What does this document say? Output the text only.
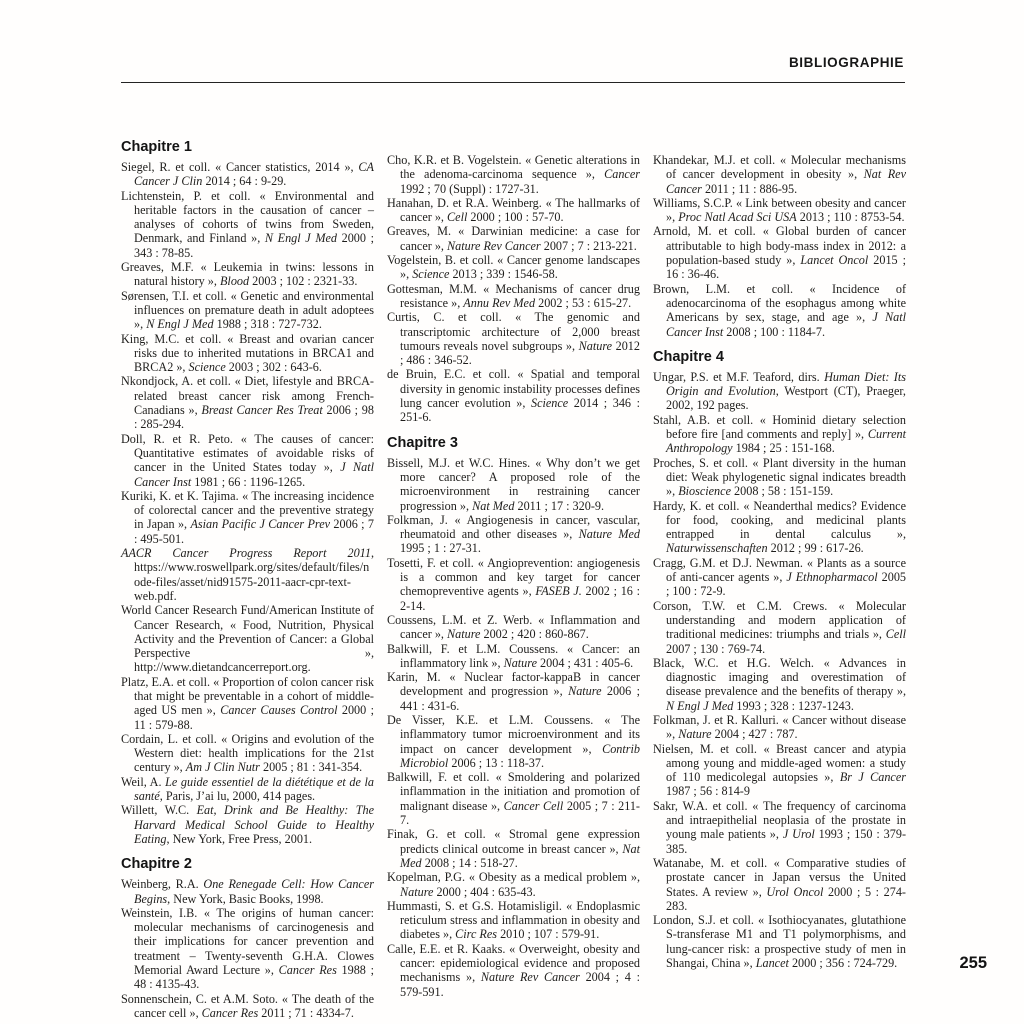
BIBLIOGRAPHIE
Chapitre 1

Siegel, R. et coll. « Cancer statistics, 2014 », CA Cancer J Clin 2014 ; 64 : 9-29.

Lichtenstein, P. et coll. « Environmental and heritable factors in the causation of cancer – analyses of cohorts of twins from Sweden, Denmark, and Finland », N Engl J Med 2000 ; 343 : 78-85.

Greaves, M.F. « Leukemia in twins: lessons in natural history », Blood 2003 ; 102 : 2321-33.

Sørensen, T.I. et coll. « Genetic and environmental influences on premature death in adult adoptees », N Engl J Med 1988 ; 318 : 727-732.

King, M.C. et coll. « Breast and ovarian cancer risks due to inherited mutations in BRCA1 and BRCA2 », Science 2003 ; 302 : 643-6.

Nkondjock, A. et coll. « Diet, lifestyle and BRCA-related breast cancer risk among French-Canadians », Breast Cancer Res Treat 2006 ; 98 : 285-294.

Doll, R. et R. Peto. « The causes of cancer: Quantitative estimates of avoidable risks of cancer in the United States today », J Natl Cancer Inst 1981 ; 66 : 1196-1265.

Kuriki, K. et K. Tajima. « The increasing incidence of colorectal cancer and the preventive strategy in Japan », Asian Pacific J Cancer Prev 2006 ; 7 : 495-501.

AACR Cancer Progress Report 2011, https://www.roswellpark.org/sites/default/files/node-files/asset/nid91575-2011-aacr-cpr-text-web.pdf.

World Cancer Research Fund/American Institute of Cancer Research, « Food, Nutrition, Physical Activity and the Prevention of Cancer: a Global Perspective », http://www.dietandcancerreport.org.

Platz, E.A. et coll. « Proportion of colon cancer risk that might be preventable in a cohort of middle-aged US men », Cancer Causes Control 2000 ; 11 : 579-88.

Cordain, L. et coll. « Origins and evolution of the Western diet: health implications for the 21st century », Am J Clin Nutr 2005 ; 81 : 341-354.

Weil, A. Le guide essentiel de la diététique et de la santé, Paris, J’ai lu, 2000, 414 pages.

Willett, W.C. Eat, Drink and Be Healthy: The Harvard Medical School Guide to Healthy Eating, New York, Free Press, 2001.

Chapitre 2

Weinberg, R.A. One Renegade Cell: How Cancer Begins, New York, Basic Books, 1998.

Weinstein, I.B. « The origins of human cancer: molecular mechanisms of carcinogenesis and their implications for cancer prevention and treatment – Twenty-seventh G.H.A. Clowes Memorial Award Lecture », Cancer Res 1988 ; 48 : 4135-43.

Sonnenschein, C. et A.M. Soto. « The death of the cancer cell », Cancer Res 2011 ; 71 : 4334-7.

Cho, K.R. et B. Vogelstein. « Genetic alterations in the adenoma-carcinoma sequence », Cancer 1992 ; 70 (Suppl) : 1727-31.

Hanahan, D. et R.A. Weinberg. « The hallmarks of cancer », Cell 2000 ; 100 : 57-70.

Greaves, M. « Darwinian medicine: a case for cancer », Nature Rev Cancer 2007 ; 7 : 213-221.

Vogelstein, B. et coll. « Cancer genome landscapes », Science 2013 ; 339 : 1546-58.

Gottesman, M.M. « Mechanisms of cancer drug resistance », Annu Rev Med 2002 ; 53 : 615-27.

Curtis, C. et coll. « The genomic and transcriptomic architecture of 2,000 breast tumours reveals novel subgroups », Nature 2012 ; 486 : 346-52.

de Bruin, E.C. et coll. « Spatial and temporal diversity in genomic instability processes defines lung cancer evolution », Science 2014 ; 346 : 251-6.

Chapitre 3

Bissell, M.J. et W.C. Hines. « Why don’t we get more cancer? A proposed role of the microenvironment in restraining cancer progression », Nat Med 2011 ; 17 : 320-9.

Folkman, J. « Angiogenesis in cancer, vascular, rheumatoid and other diseases », Nature Med 1995 ; 1 : 27-31.

Tosetti, F. et coll. « Angioprevention: angiogenesis is a common and key target for cancer chemopreventive agents », FASEB J. 2002 ; 16 : 2-14.

Coussens, L.M. et Z. Werb. « Inflammation and cancer », Nature 2002 ; 420 : 860-867.

Balkwill, F. et L.M. Coussens. « Cancer: an inflammatory link », Nature 2004 ; 431 : 405-6.

Karin, M. « Nuclear factor-kappaB in cancer development and progression », Nature 2006 ; 441 : 431-6.

De Visser, K.E. et L.M. Coussens. « The inflammatory tumor microenvironment and its impact on cancer development », Contrib Microbiol 2006 ; 13 : 118-37.

Balkwill, F. et coll. « Smoldering and polarized inflammation in the initiation and promotion of malignant disease », Cancer Cell 2005 ; 7 : 211-7.

Finak, G. et coll. « Stromal gene expression predicts clinical outcome in breast cancer », Nat Med 2008 ; 14 : 518-27.

Kopelman, P.G. « Obesity as a medical problem », Nature 2000 ; 404 : 635-43.

Hummasti, S. et G.S. Hotamisligil. « Endoplasmic reticulum stress and inflammation in obesity and diabetes », Circ Res 2010 ; 107 : 579-91.

Calle, E.E. et R. Kaaks. « Overweight, obesity and cancer: epidemiological evidence and proposed mechanisms », Nature Rev Cancer 2004 ; 4 : 579-591.

Khandekar, M.J. et coll. « Molecular mechanisms of cancer development in obesity », Nat Rev Cancer 2011 ; 11 : 886-95.

Williams, S.C.P. « Link between obesity and cancer », Proc Natl Acad Sci USA 2013 ; 110 : 8753-54.

Arnold, M. et coll. « Global burden of cancer attributable to high body-mass index in 2012: a population-based study », Lancet Oncol 2015 ; 16 : 36-46.

Brown, L.M. et coll. « Incidence of adenocarcinoma of the esophagus among white Americans by sex, stage, and age », J Natl Cancer Inst 2008 ; 100 : 1184-7.

Chapitre 4

Ungar, P.S. et M.F. Teaford, dirs. Human Diet: Its Origin and Evolution, Westport (CT), Praeger, 2002, 192 pages.

Stahl, A.B. et coll. « Hominid dietary selection before fire [and comments and reply] », Current Anthropology 1984 ; 25 : 151-168.

Proches, S. et coll. « Plant diversity in the human diet: Weak phylogenetic signal indicates breadth », Bioscience 2008 ; 58 : 151-159.

Hardy, K. et coll. « Neanderthal medics? Evidence for food, cooking, and medicinal plants entrapped in dental calculus », Naturwissenschaften 2012 ; 99 : 617-26.

Cragg, G.M. et D.J. Newman. « Plants as a source of anti-cancer agents », J Ethnopharmacol 2005 ; 100 : 72-9.

Corson, T.W. et C.M. Crews. « Molecular understanding and modern application of traditional medicines: triumphs and trials », Cell 2007 ; 130 : 769-74.

Black, W.C. et H.G. Welch. « Advances in diagnostic imaging and overestimation of disease prevalence and the benefits of therapy », N Engl J Med 1993 ; 328 : 1237-1243.

Folkman, J. et R. Kalluri. « Cancer without disease », Nature 2004 ; 427 : 787.

Nielsen, M. et coll. « Breast cancer and atypia among young and middle-aged women: a study of 110 medicolegal autopsies », Br J Cancer 1987 ; 56 : 814-9

Sakr, W.A. et coll. « The frequency of carcinoma and intraepithelial neoplasia of the prostate in young male patients », J Urol 1993 ; 150 : 379-385.

Watanabe, M. et coll. « Comparative studies of prostate cancer in Japan versus the United States. A review », Urol Oncol 2000 ; 5 : 274-283.

London, S.J. et coll. « Isothiocyanates, glutathione S-transferase M1 and T1 polymorphisms, and lung-cancer risk: a prospective study of men in Shangai, China », Lancet 2000 ; 356 : 724-729.	255
